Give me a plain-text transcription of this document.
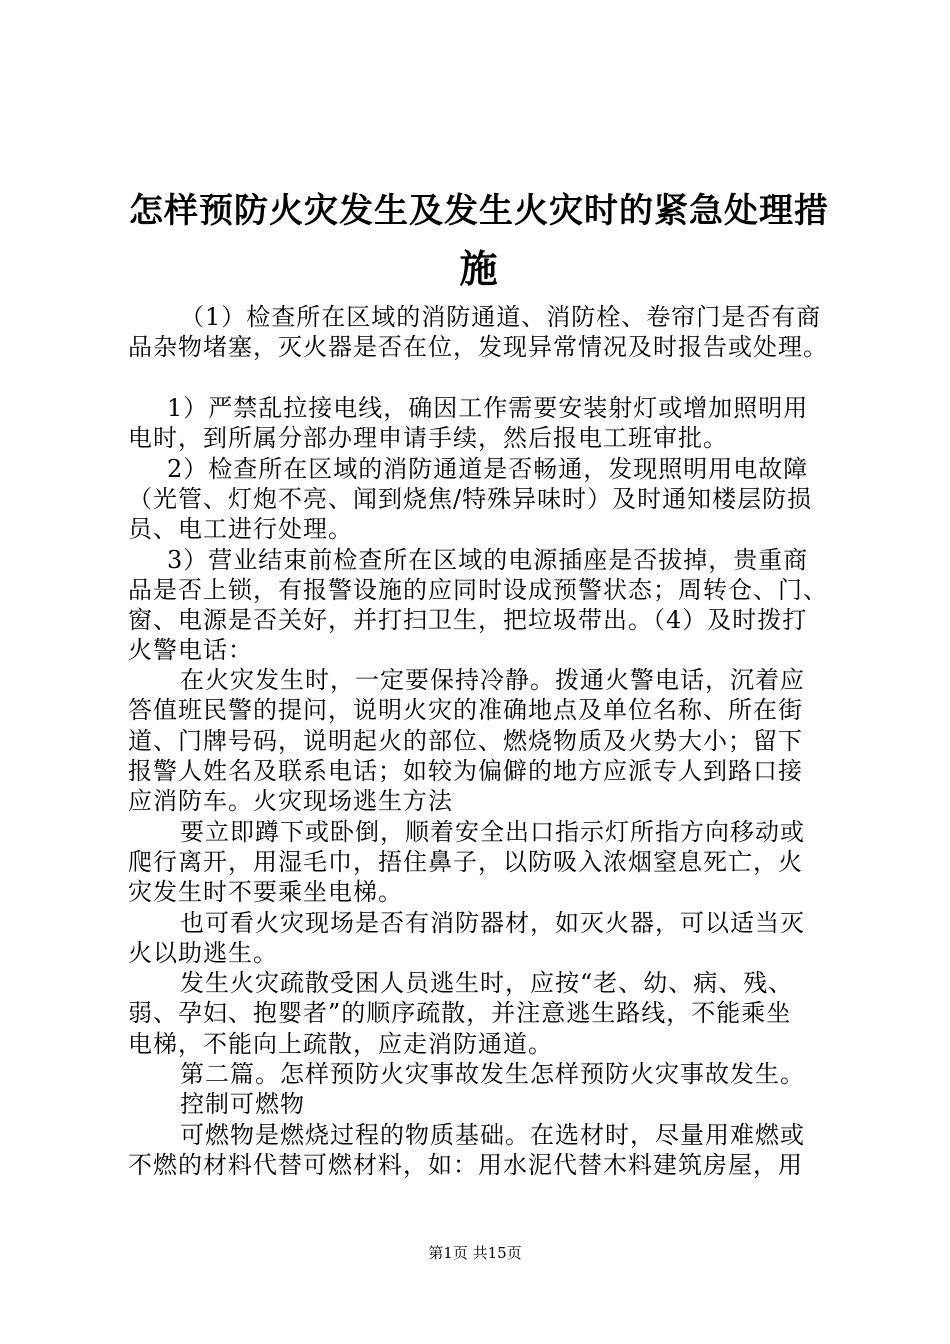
怎样预防火灾发生及发生火灾时的紧急处理措
施

（1）检查所在区域的消防通道、消防栓、卷帘门是否有商

品杂物堵塞，灭火器是否在位，发现异常情况及时报告或处理。

1）严禁乱拉接电线，确因工作需要安装射灯或增加照明用

电时，到所属分部办理申请手续，然后报电工班审批。

2）检查所在区域的消防通道是否畅通，发现照明用电故障

（光管、灯炮不亮、闻到烧焦/特殊异味时）及时通知楼层防损

员、电工进行处理。

3）营业结束前检查所在区域的电源插座是否拔掉，贵重商

品是否上锁，有报警设施的应同时设成预警状态；周转仓、门、

窗、电源是否关好，并打扫卫生，把垃圾带出。（4）及时拨打

火警电话：

在火灾发生时，一定要保持冷静。拨通火警电话，沉着应

答值班民警的提问，说明火灾的准确地点及单位名称、所在街

道、门牌号码，说明起火的部位、燃烧物质及火势大小；留下

报警人姓名及联系电话；如较为偏僻的地方应派专人到路口接

应消防车。火灾现场逃生方法

要立即蹲下或卧倒，顺着安全出口指示灯所指方向移动或

爬行离开，用湿毛巾，捂住鼻子，以防吸入浓烟窒息死亡，火

灾发生时不要乘坐电梯。

也可看火灾现场是否有消防器材，如灭火器，可以适当灭

火以助逃生。

发生火灾疏散受困人员逃生时，应按“老、幼、病、残、

弱、孕妇、抱婴者”的顺序疏散，并注意逃生路线，不能乘坐

电梯，不能向上疏散，应走消防通道。

第二篇。怎样预防火灾事故发生怎样预防火灾事故发生。

控制可燃物

可燃物是燃烧过程的物质基础。在选材时，尽量用难燃或

不燃的材料代替可燃材料，如：用水泥代替木料建筑房屋，用

第1页 共15页
